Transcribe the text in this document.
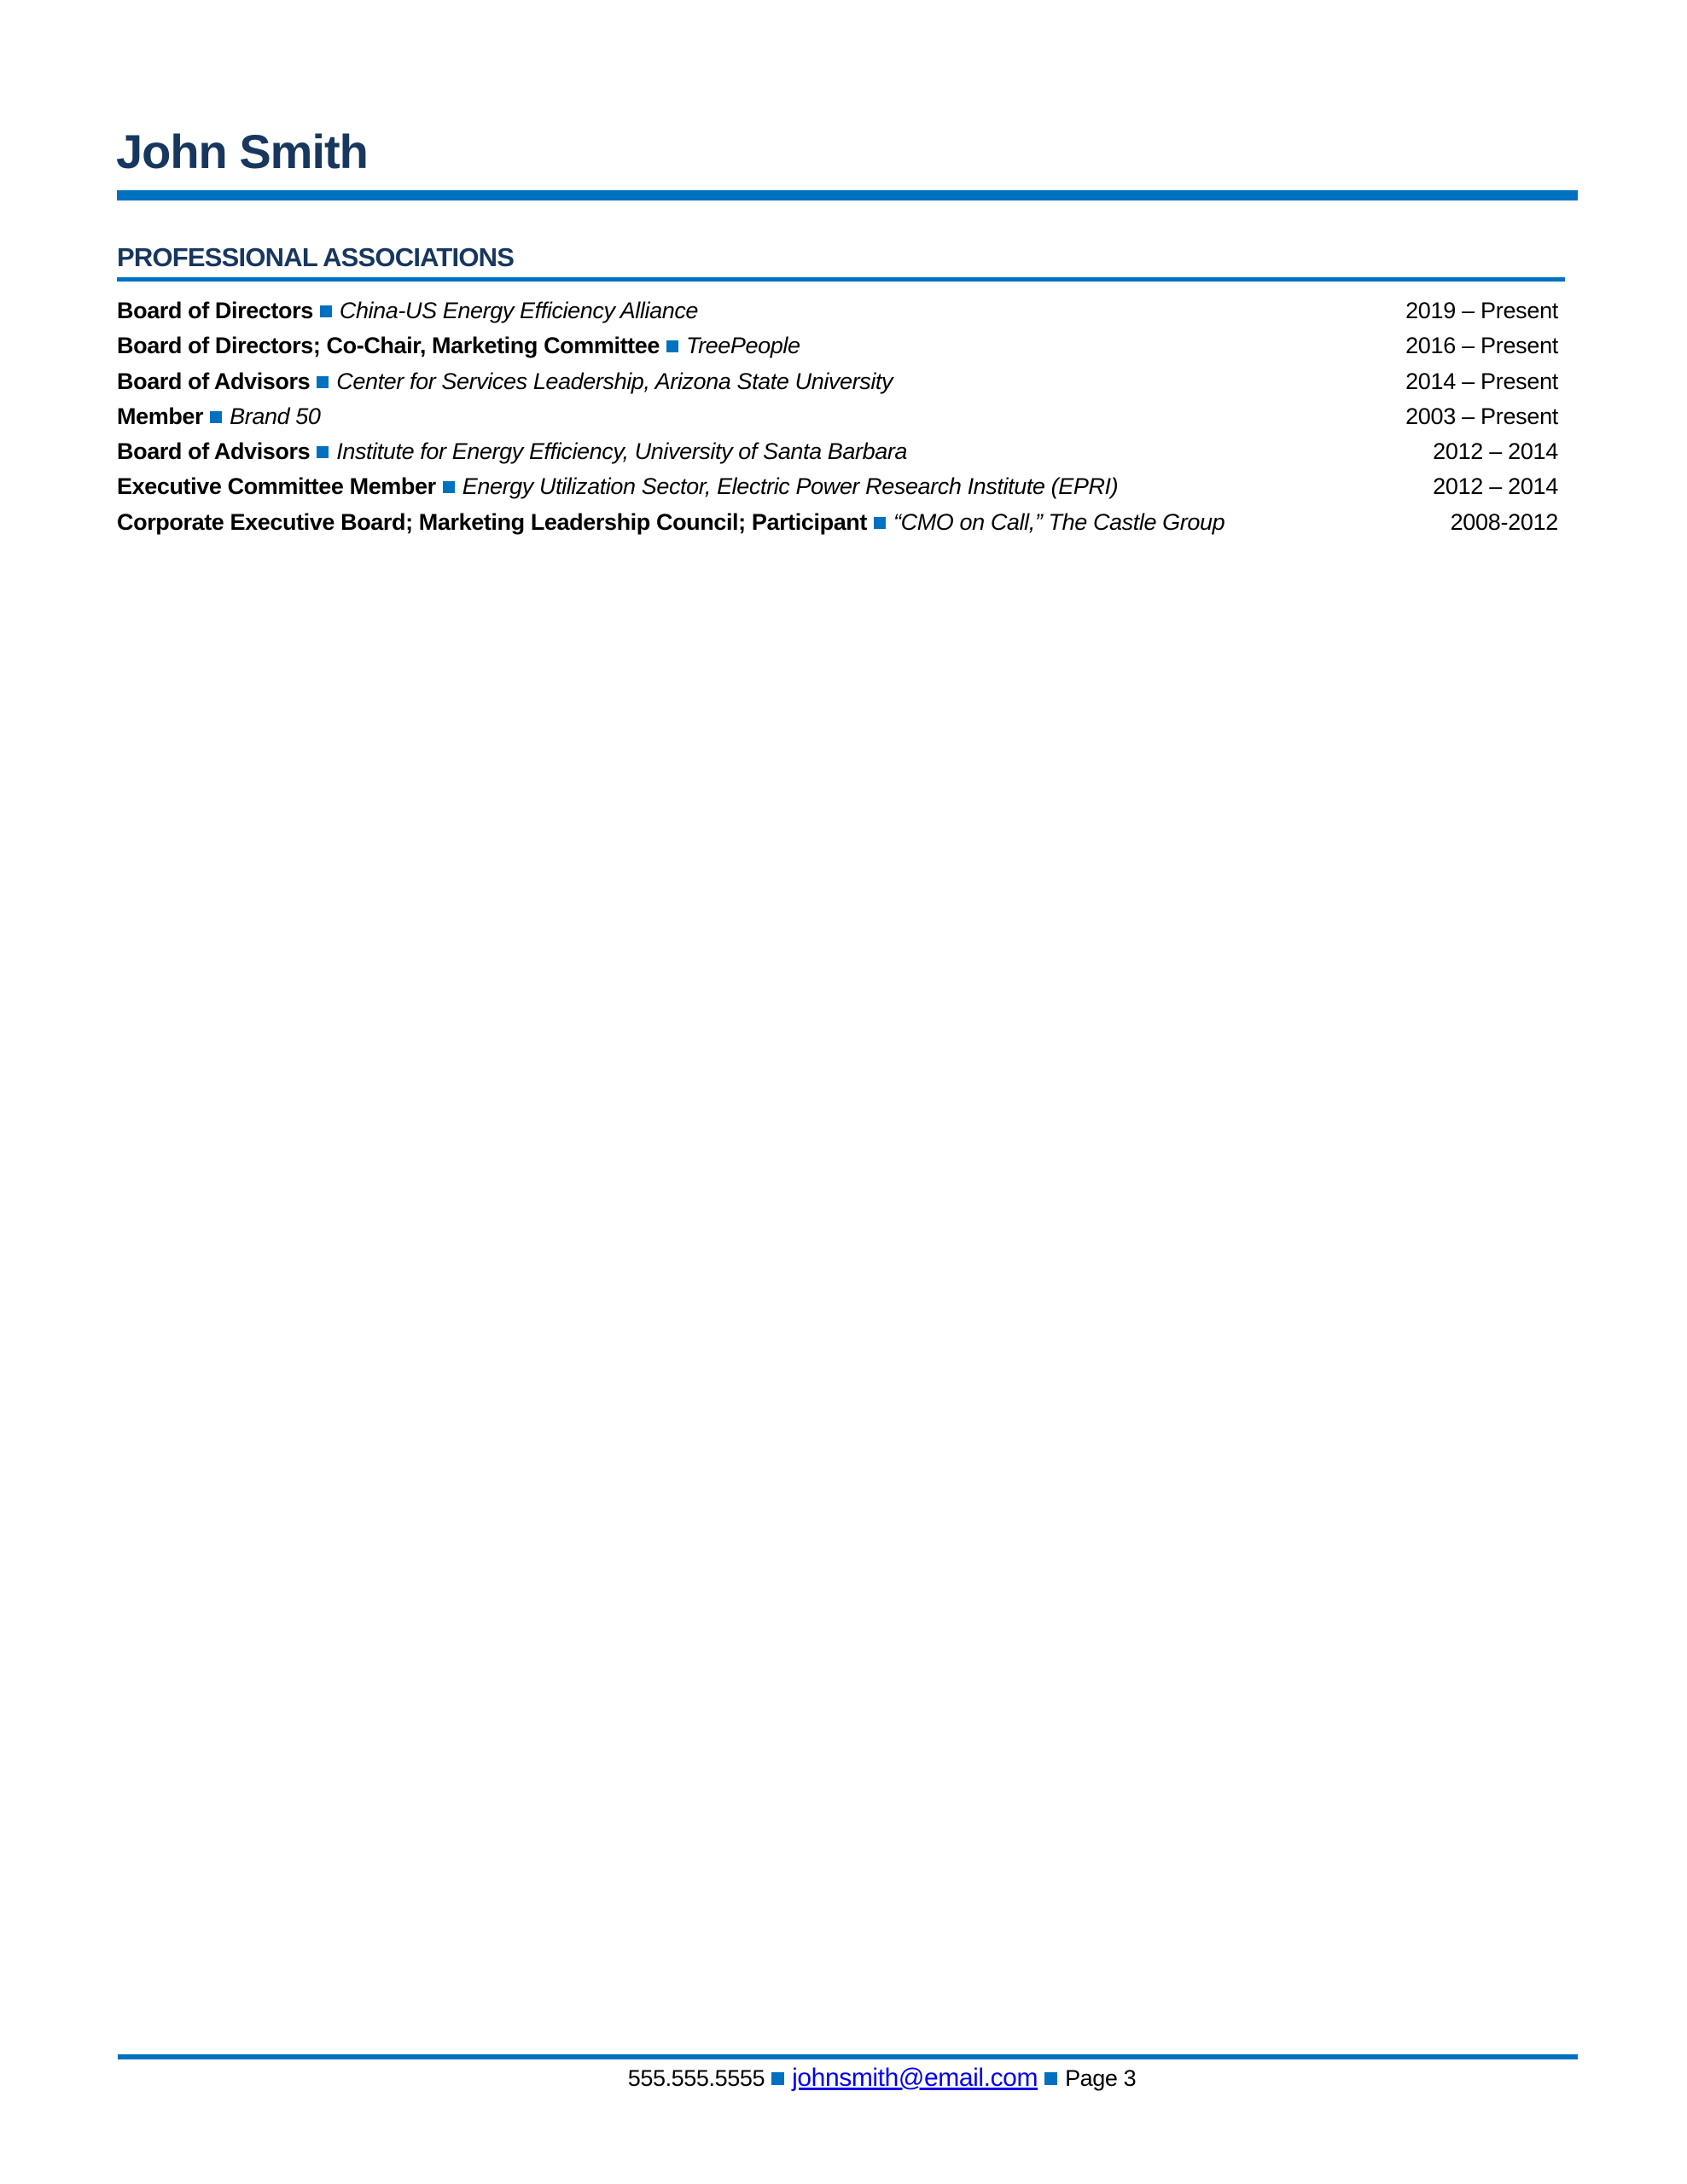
John Smith
PROFESSIONAL ASSOCIATIONS
Board of Directors China-US Energy Efficiency Alliance	2019 – Present
Board of Directors; Co-Chair, Marketing Committee TreePeople	2016 – Present
Board of Advisors Center for Services Leadership, Arizona State University	2014 – Present
Member Brand 50	2003 – Present
Board of Advisors Institute for Energy Efficiency, University of Santa Barbara	2012 – 2014
Executive Committee Member Energy Utilization Sector, Electric Power Research Institute (EPRI)	2012 – 2014
Corporate Executive Board; Marketing Leadership Council; Participant “CMO on Call,” The Castle Group	2008-2012
555.555.5555 johnsmith@email.com Page 3
